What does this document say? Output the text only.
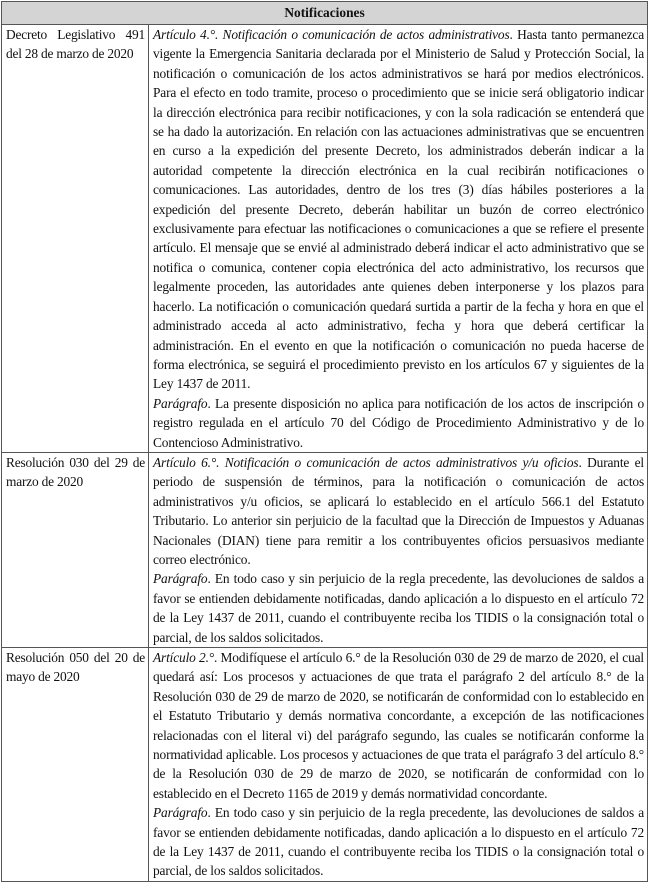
Notificaciones	
Decreto Legislativo 491 del 28 de marzo de 2020	Artículo 4.°. Notificación o comunicación de actos administrativos. Hasta tanto permanezca vigente la Emergencia Sanitaria declarada por el Ministerio de Salud y Protección Social, la notificación o comunicación de los actos administrativos se hará por medios electrónicos. Para el efecto en todo tramite, proceso o procedimiento que se inicie será obligatorio indicar la dirección electrónica para recibir notificaciones, y con la sola radicación se entenderá que se ha dado la autorización. En relación con las actuaciones administrativas que se encuentren en curso a la expedición del presente Decreto, los administrados deberán indicar a la autoridad competente la dirección electrónica en la cual recibirán notificaciones o comunicaciones. Las autoridades, dentro de los tres (3) días hábiles posteriores a la expedición del presente Decreto, deberán habilitar un buzón de correo electrónico exclusivamente para efectuar las notificaciones o comunicaciones a que se refiere el presente artículo. El mensaje que se envié al administrado deberá indicar el acto administrativo que se notifica o comunica, contener copia electrónica del acto administrativo, los recursos que legalmente proceden, las autoridades ante quienes deben interponerse y los plazos para hacerlo. La notificación o comunicación quedará surtida a partir de la fecha y hora en que el administrado acceda al acto administrativo, fecha y hora que deberá certificar la administración. En el evento en que la notificación o comunicación no pueda hacerse de forma electrónica, se seguirá el procedimiento previsto en los artículos 67 y siguientes de la Ley 1437 de 2011.

Parágrafo. La presente disposición no aplica para notificación de los actos de inscripción o registro regulada en el artículo 70 del Código de Procedimiento Administrativo y de lo Contencioso Administrativo.

Resolución 030 del 29 de marzo de 2020	Artículo 6.°. Notificación o comunicación de actos administrativos y/u oficios. Durante el periodo de suspensión de términos, para la notificación o comunicación de actos administrativos y/u oficios, se aplicará lo establecido en el artículo 566.1 del Estatuto Tributario. Lo anterior sin perjuicio de la facultad que la Dirección de Impuestos y Aduanas Nacionales (DIAN) tiene para remitir a los contribuyentes oficios persuasivos mediante correo electrónico.

Parágrafo. En todo caso y sin perjuicio de la regla precedente, las devoluciones de saldos a favor se entienden debidamente notificadas, dando aplicación a lo dispuesto en el artículo 72 de la Ley 1437 de 2011, cuando el contribuyente reciba los TIDIS o la consignación total o parcial, de los saldos solicitados.

Resolución 050 del 20 de mayo de 2020	Artículo 2.°. Modifíquese el artículo 6.° de la Resolución 030 de 29 de marzo de 2020, el cual quedará así: Los procesos y actuaciones de que trata el parágrafo 2 del artículo 8.° de la Resolución 030 de 29 de marzo de 2020, se notificarán de conformidad con lo establecido en el Estatuto Tributario y demás normativa concordante, a excepción de las notificaciones relacionadas con el literal vi) del parágrafo segundo, las cuales se notificarán conforme la normatividad aplicable. Los procesos y actuaciones de que trata el parágrafo 3 del artículo 8.° de la Resolución 030 de 29 de marzo de 2020, se notificarán de conformidad con lo establecido en el Decreto 1165 de 2019 y demás normatividad concordante.

Parágrafo. En todo caso y sin perjuicio de la regla precedente, las devoluciones de saldos a favor se entienden debidamente notificadas, dando aplicación a lo dispuesto en el artículo 72 de la Ley 1437 de 2011, cuando el contribuyente reciba los TIDIS o la consignación total o parcial, de los saldos solicitados.
